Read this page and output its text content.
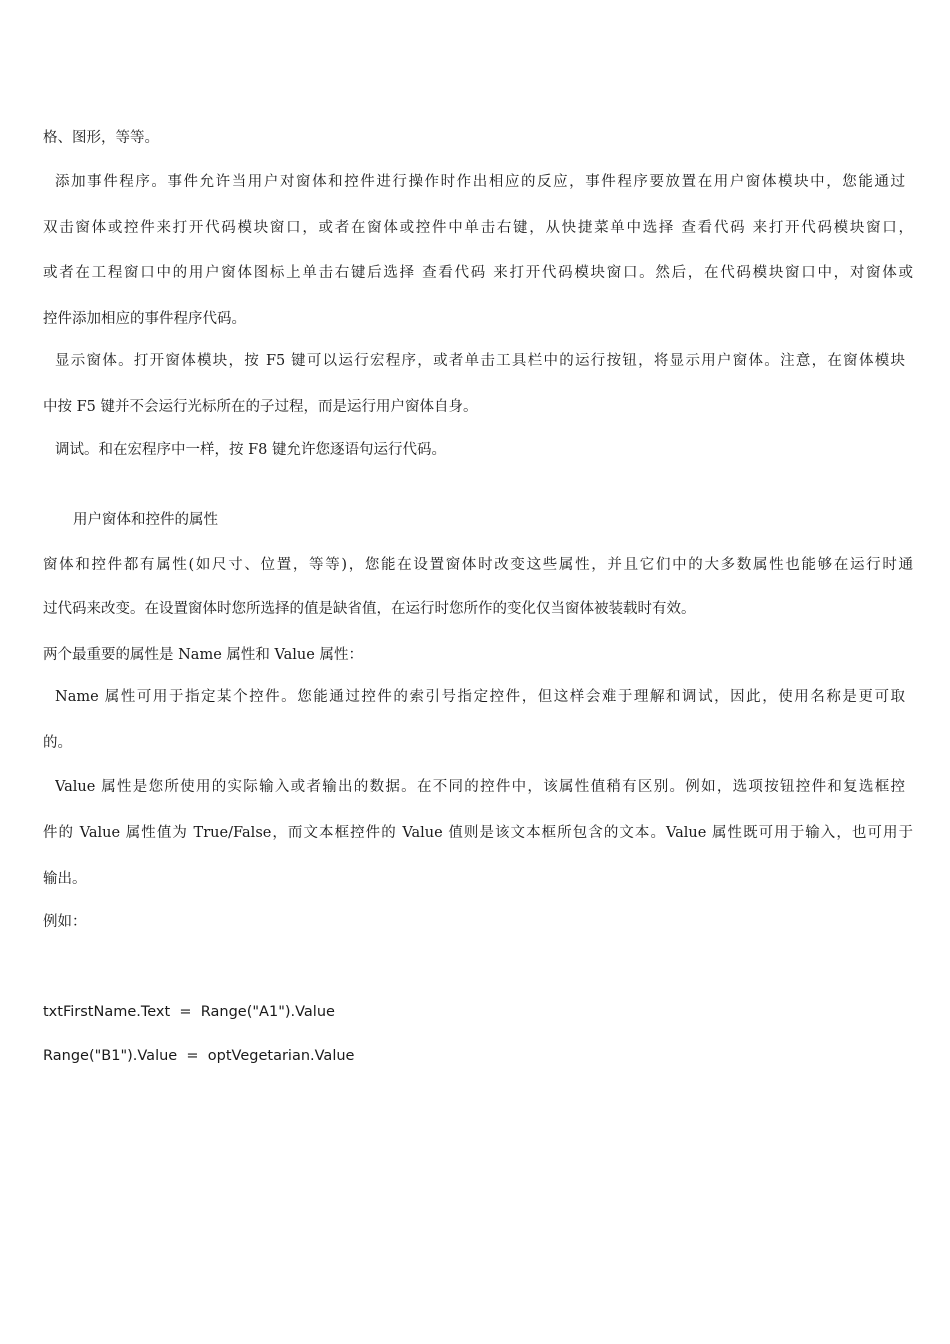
格、图形，等等。
添加事件程序。事件允许当用户对窗体和控件进行操作时作出相应的反应，事件程序要放置在用户窗体模块中，您能通过
双击窗体或控件来打开代码模块窗口，或者在窗体或控件中单击右键，从快捷菜单中选择 查看代码 来打开代码模块窗口，
或者在工程窗口中的用户窗体图标上单击右键后选择 查看代码 来打开代码模块窗口。然后，在代码模块窗口中，对窗体或
控件添加相应的事件程序代码。
显示窗体。打开窗体模块，按 F5 键可以运行宏程序，或者单击工具栏中的运行按钮，将显示用户窗体。注意，在窗体模块
中按 F5 键并不会运行光标所在的子过程，而是运行用户窗体自身。
调试。和在宏程序中一样，按 F8 键允许您逐语句运行代码。
用户窗体和控件的属性
窗体和控件都有属性(如尺寸、位置，等等)，您能在设置窗体时改变这些属性，并且它们中的大多数属性也能够在运行时通
过代码来改变。在设置窗体时您所选择的值是缺省值，在运行时您所作的变化仅当窗体被装载时有效。
两个最重要的属性是 Name 属性和 Value 属性：
Name 属性可用于指定某个控件。您能通过控件的索引号指定控件，但这样会难于理解和调试，因此，使用名称是更可取
的。
Value 属性是您所使用的实际输入或者输出的数据。在不同的控件中，该属性值稍有区别。例如，选项按钮控件和复选框控
件的 Value 属性值为 True/False，而文本框控件的 Value 值则是该文本框所包含的文本。Value 属性既可用于输入，也可用于
输出。
例如：
txtFirstName.Text  =  Range("A1").Value
Range("B1").Value  =  optVegetarian.Value
